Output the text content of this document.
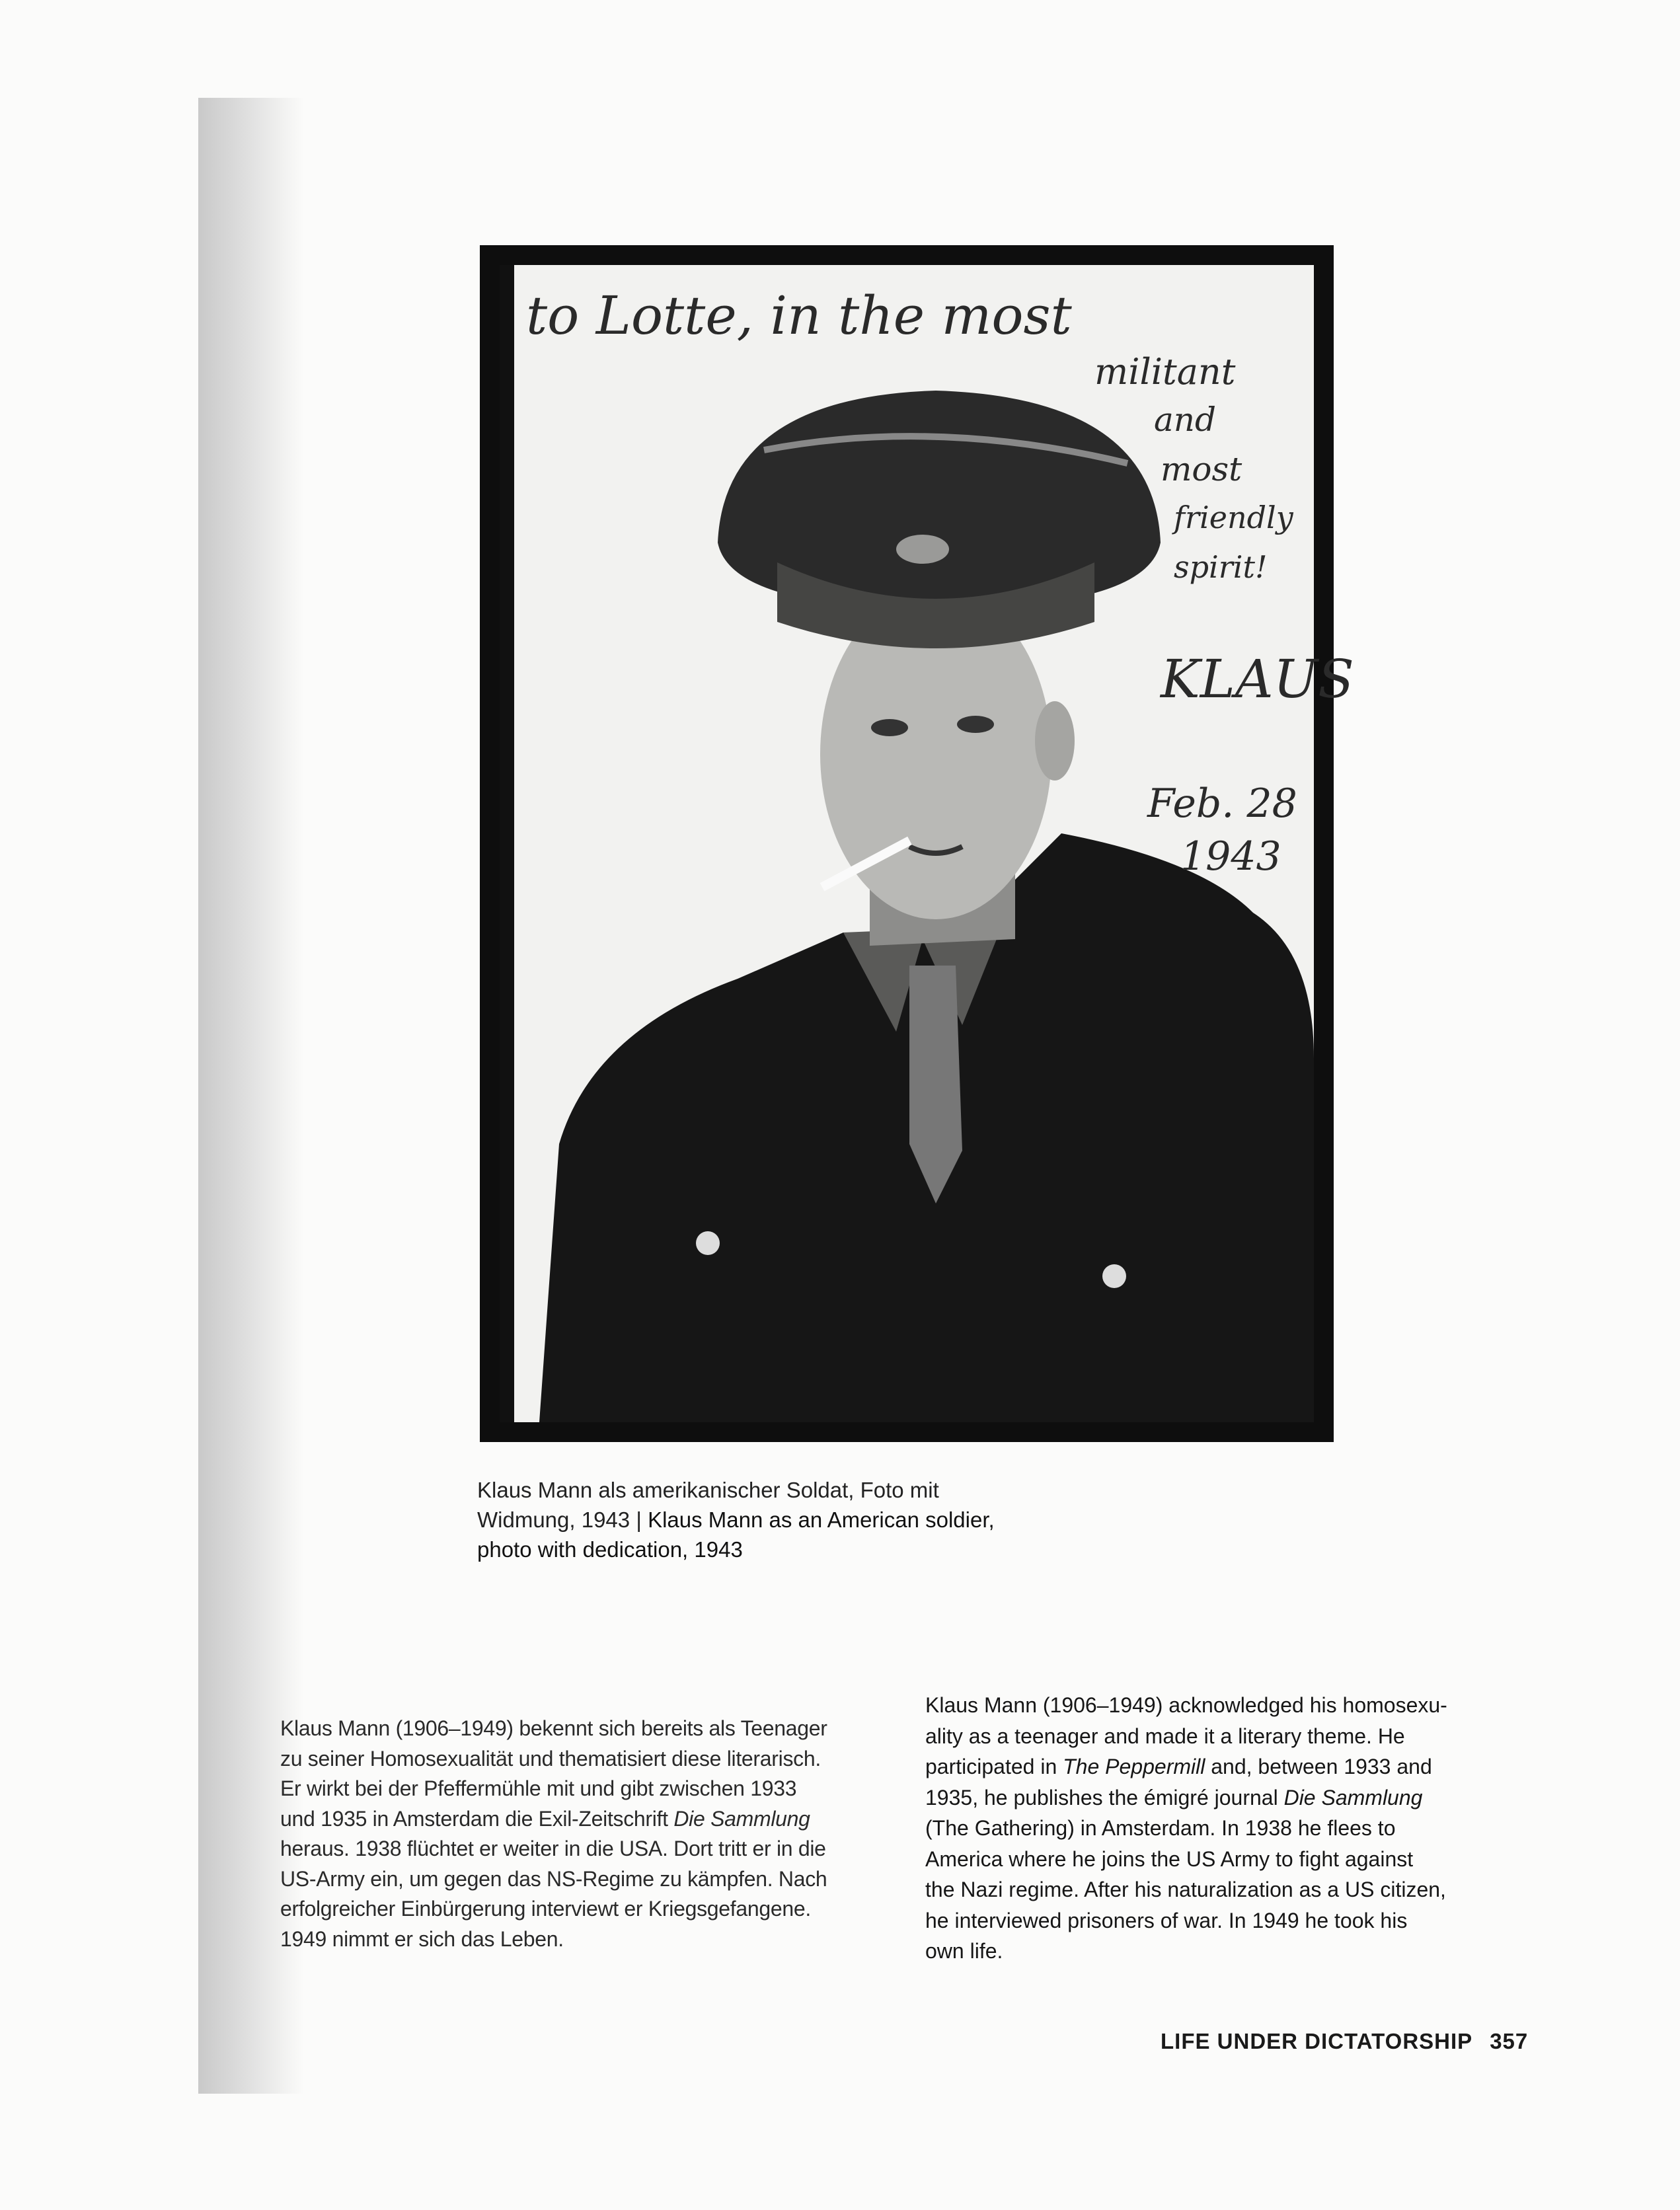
to Lotte, in the most
militant
and
most
friendly
spirit!
KLAUS
Feb. 28
1943
Klaus Mann als amerikanischer Soldat, Foto mit Widmung, 1943 | Klaus Mann as an American soldier, photo with dedication, 1943
Klaus Mann (1906–1949) bekennt sich bereits als Teenager
zu seiner Homosexualität und thematisiert diese literarisch.
Er wirkt bei der Pfeffermühle mit und gibt zwischen 1933
und 1935 in Amsterdam die Exil-Zeitschrift Die Sammlung
heraus. 1938 flüchtet er weiter in die USA. Dort tritt er in die
US-Army ein, um gegen das NS-Regime zu kämpfen. Nach
erfolgreicher Einbürgerung interviewt er Kriegsgefangene.
1949 nimmt er sich das Leben.
Klaus Mann (1906–1949) acknowledged his homosexu-
ality as a teenager and made it a literary theme. He
participated in The Peppermill and, between 1933 and
1935, he publishes the émigré journal Die Sammlung
(The Gathering) in Amsterdam. In 1938 he flees to
America where he joins the US Army to fight against
the Nazi regime. After his naturalization as a US citizen,
he interviewed prisoners of war. In 1949 he took his
own life.
LIFE UNDER DICTATORSHIP 357
